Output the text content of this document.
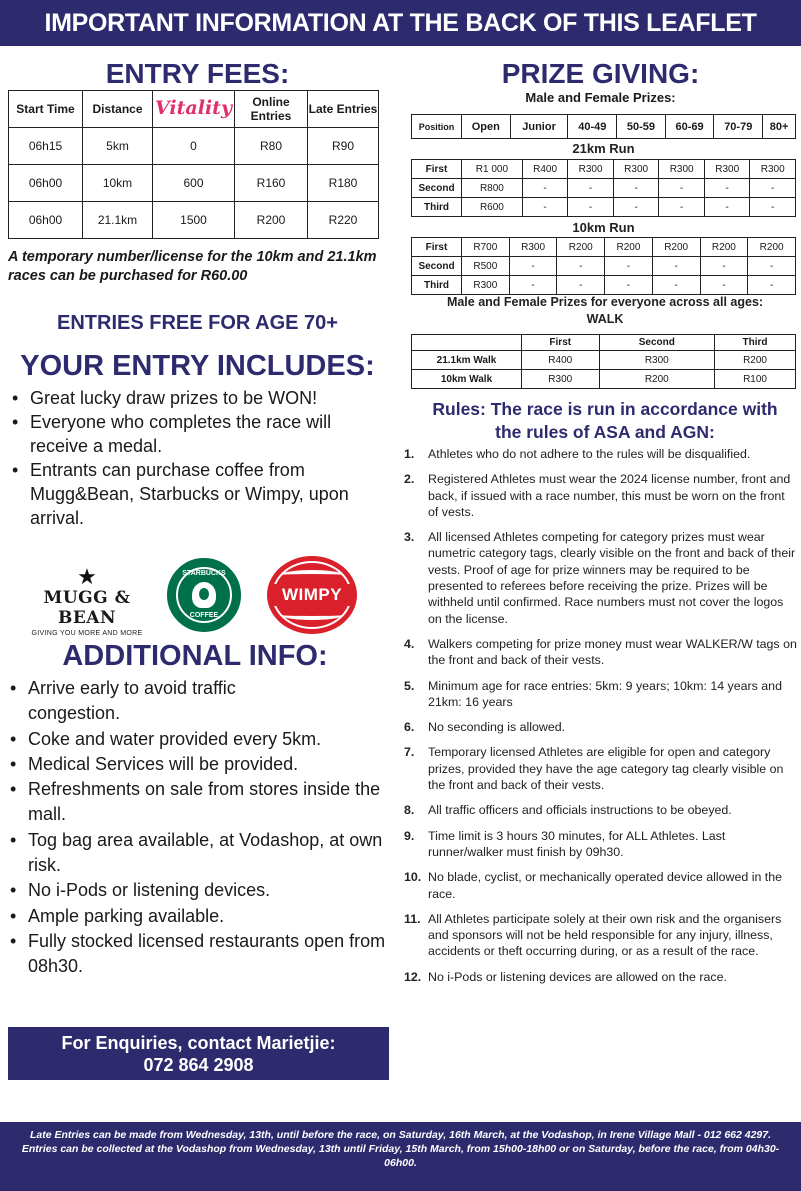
IMPORTANT INFORMATION AT THE BACK OF THIS LEAFLET
ENTRY FEES:
Start Time	Distance	Vitality	Online Entries	Late Entries
06h15	5km	0	R80	R90
06h00	10km	600	R160	R180
06h00	21.1km	1500	R200	R220
A temporary number/license for the 10km and 21.1km races can be purchased for R60.00
ENTRIES FREE FOR AGE 70+
YOUR ENTRY INCLUDES:
• Great lucky draw prizes to be WON!
• Everyone who completes the race will receive a medal.
• Entrants can purchase coffee from Mugg&Bean, Starbucks or Wimpy, upon arrival.
★
MUGG & BEAN
GIVING YOU MORE AND MORE
STARBUCKS
COFFEE
WIMPY
ADDITIONAL INFO:
• Arrive early to avoid traffic congestion.
• Coke and water provided every 5km.
• Medical Services will be provided.
• Refreshments on sale from stores inside the mall.
• Tog bag area available, at Vodashop, at own risk.
• No i-Pods or listening devices.
• Ample parking available.
• Fully stocked licensed restaurants open from 08h30.
For Enquiries, contact Marietjie:
072 864 2908
PRIZE GIVING:
Male and Female Prizes:
Position	Open	Junior	40-49	50-59	60-69	70-79	80+
21km Run
First	R1 000	R400	R300	R300	R300	R300	R300
Second	R800	-	-	-	-	-	-
Third	R600	-	-	-	-	-	-
10km Run
First	R700	R300	R200	R200	R200	R200	R200
Second	R500	-	-	-	-	-	-
Third	R300	-	-	-	-	-	-
Male and Female Prizes for everyone across all ages: WALK
	First	Second	Third
21.1km Walk	R400	R300	R200
10km Walk	R300	R200	R100
Rules: The race is run in accordance with the rules of ASA and AGN:
1. Athletes who do not adhere to the rules will be disqualified.
2. Registered Athletes must wear the 2024 license number, front and back, if issued with a race number, this must be worn on the front of vests.
3. All licensed Athletes competing for category prizes must wear numetric category tags, clearly visible on the front and back of their vests. Proof of age for prize winners may be required to be presented to referees before receiving the prize. Prizes will be withheld until confirmed. Race numbers must not cover the logos on the license.
4. Walkers competing for prize money must wear WALKER/W tags on the front and back of their vests.
5. Minimum age for race entries: 5km: 9 years; 10km: 14 years and 21km: 16 years
6. No seconding is allowed.
7. Temporary licensed Athletes are eligible for open and category prizes, provided they have the age category tag clearly visible on the front and back of their vests.
8. All traffic officers and officials instructions to be obeyed.
9. Time limit is 3 hours 30 minutes, for ALL Athletes. Last runner/walker must finish by 09h30.
10. No blade, cyclist, or mechanically operated device allowed in the race.
11. All Athletes participate solely at their own risk and the organisers and sponsors will not be held responsible for any injury, illness, accidents or theft occurring during, or as a result of the race.
12. No i-Pods or listening devices are allowed on the race.
Late Entries can be made from Wednesday, 13th, until before the race, on Saturday, 16th March, at the Vodashop, in Irene Village Mall - 012 662 4297.
Entries can be collected at the Vodashop from Wednesday, 13th until Friday, 15th March, from 15h00-18h00 or on Saturday, before the race, from 04h30-06h00.
